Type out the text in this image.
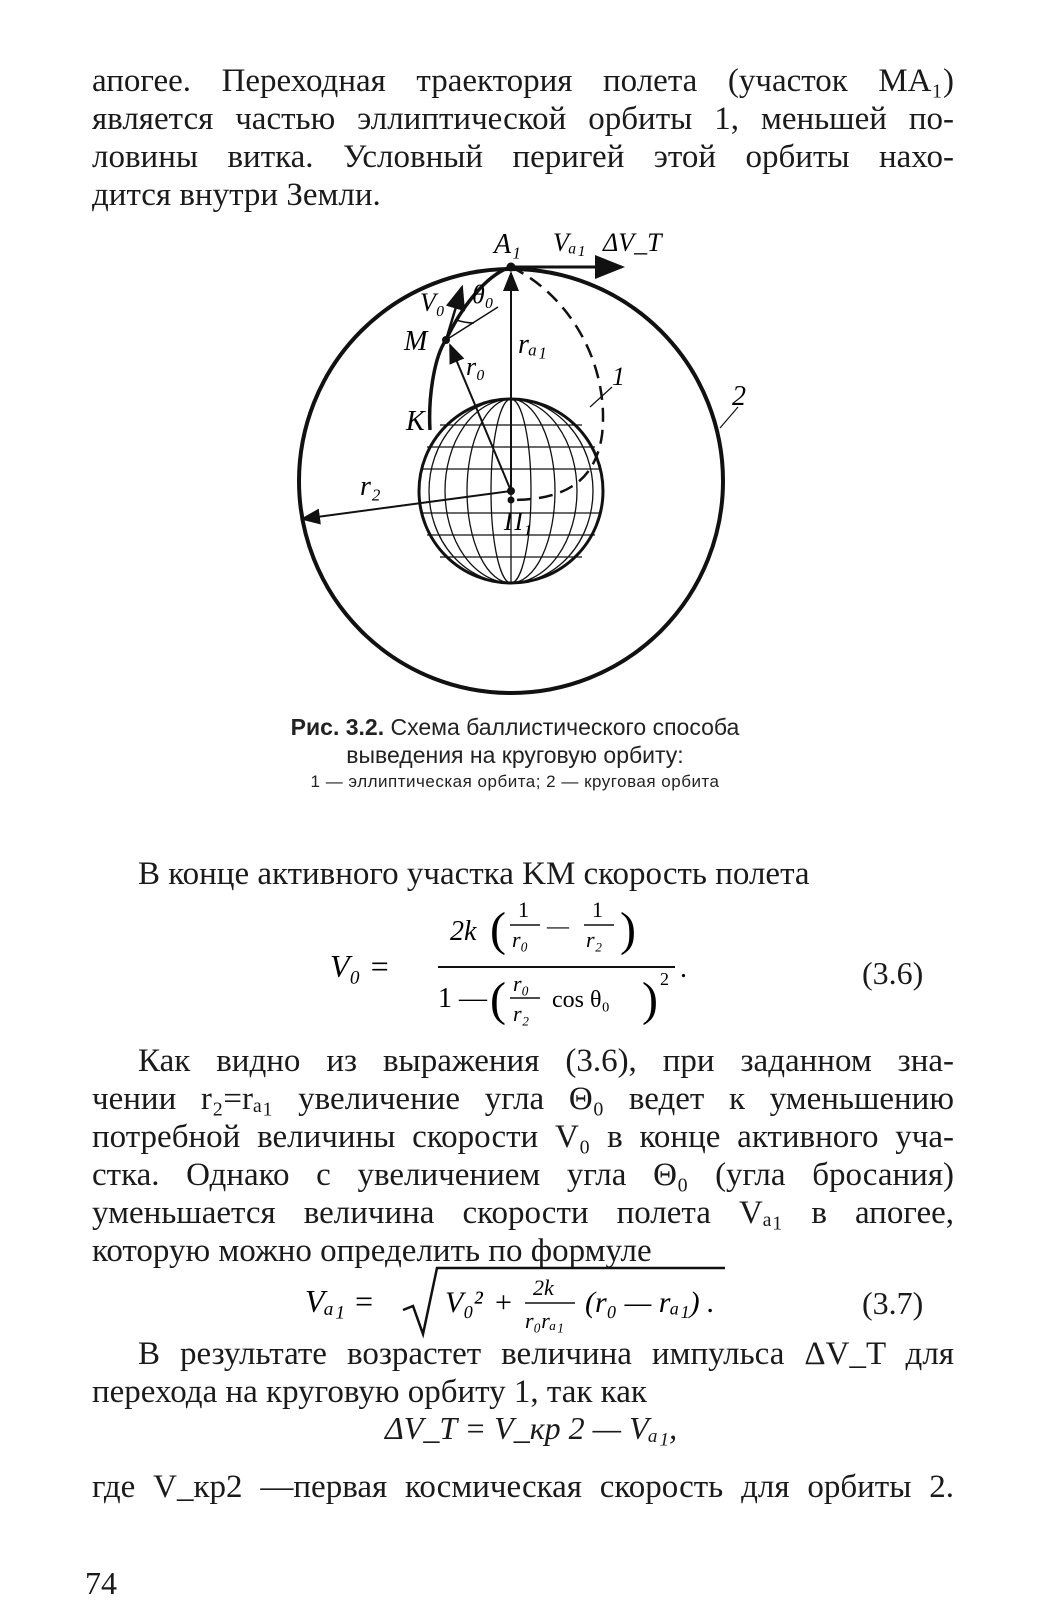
апогее. Переходная траектория полета (участок MA₁)
является частью эллиптической орбиты 1, меньшей по-
ловины витка. Условный перигей этой орбиты нахо-
дится внутри Земли.

A₁ Vₐ₁ ΔV_T
V₀ θ₀
M	rₐ₁
r₀
K
1
2
r₂
П₁

Рис. 3.2. Схема баллистического способа выведения на круговую орбиту:

1 — эллиптическая орбита; 2 — круговая орбита

В конце активного участка KM скорость полета

V₀ =
2k ( 1
r₀
—
1
r₂ )
1 — ( r₀
r₂
cos θ₀ ) 2 .	(3.6)

Как видно из выражения (3.6), при заданном зна-
чении r₂=rₐ₁ увеличение угла Θ₀ ведет к уменьшению
потребной величины скорости V₀ в конце активного уча-
стка. Однако с увеличением угла Θ₀ (угла бросания)
уменьшается величина скорости полета Vₐ₁ в апогее,
которую можно определить по формуле

Vₐ₁ = V₀² + 2k
r₀rₐ₁
(r₀ — rₐ₁) .	(3.7)

В результате возрастет величина импульса ΔV_T для
перехода на круговую орбиту 1, так как

ΔV_T = V_кр 2 — Vₐ₁,

где V_кр2 —первая космическая скорость для орбиты 2.

74
